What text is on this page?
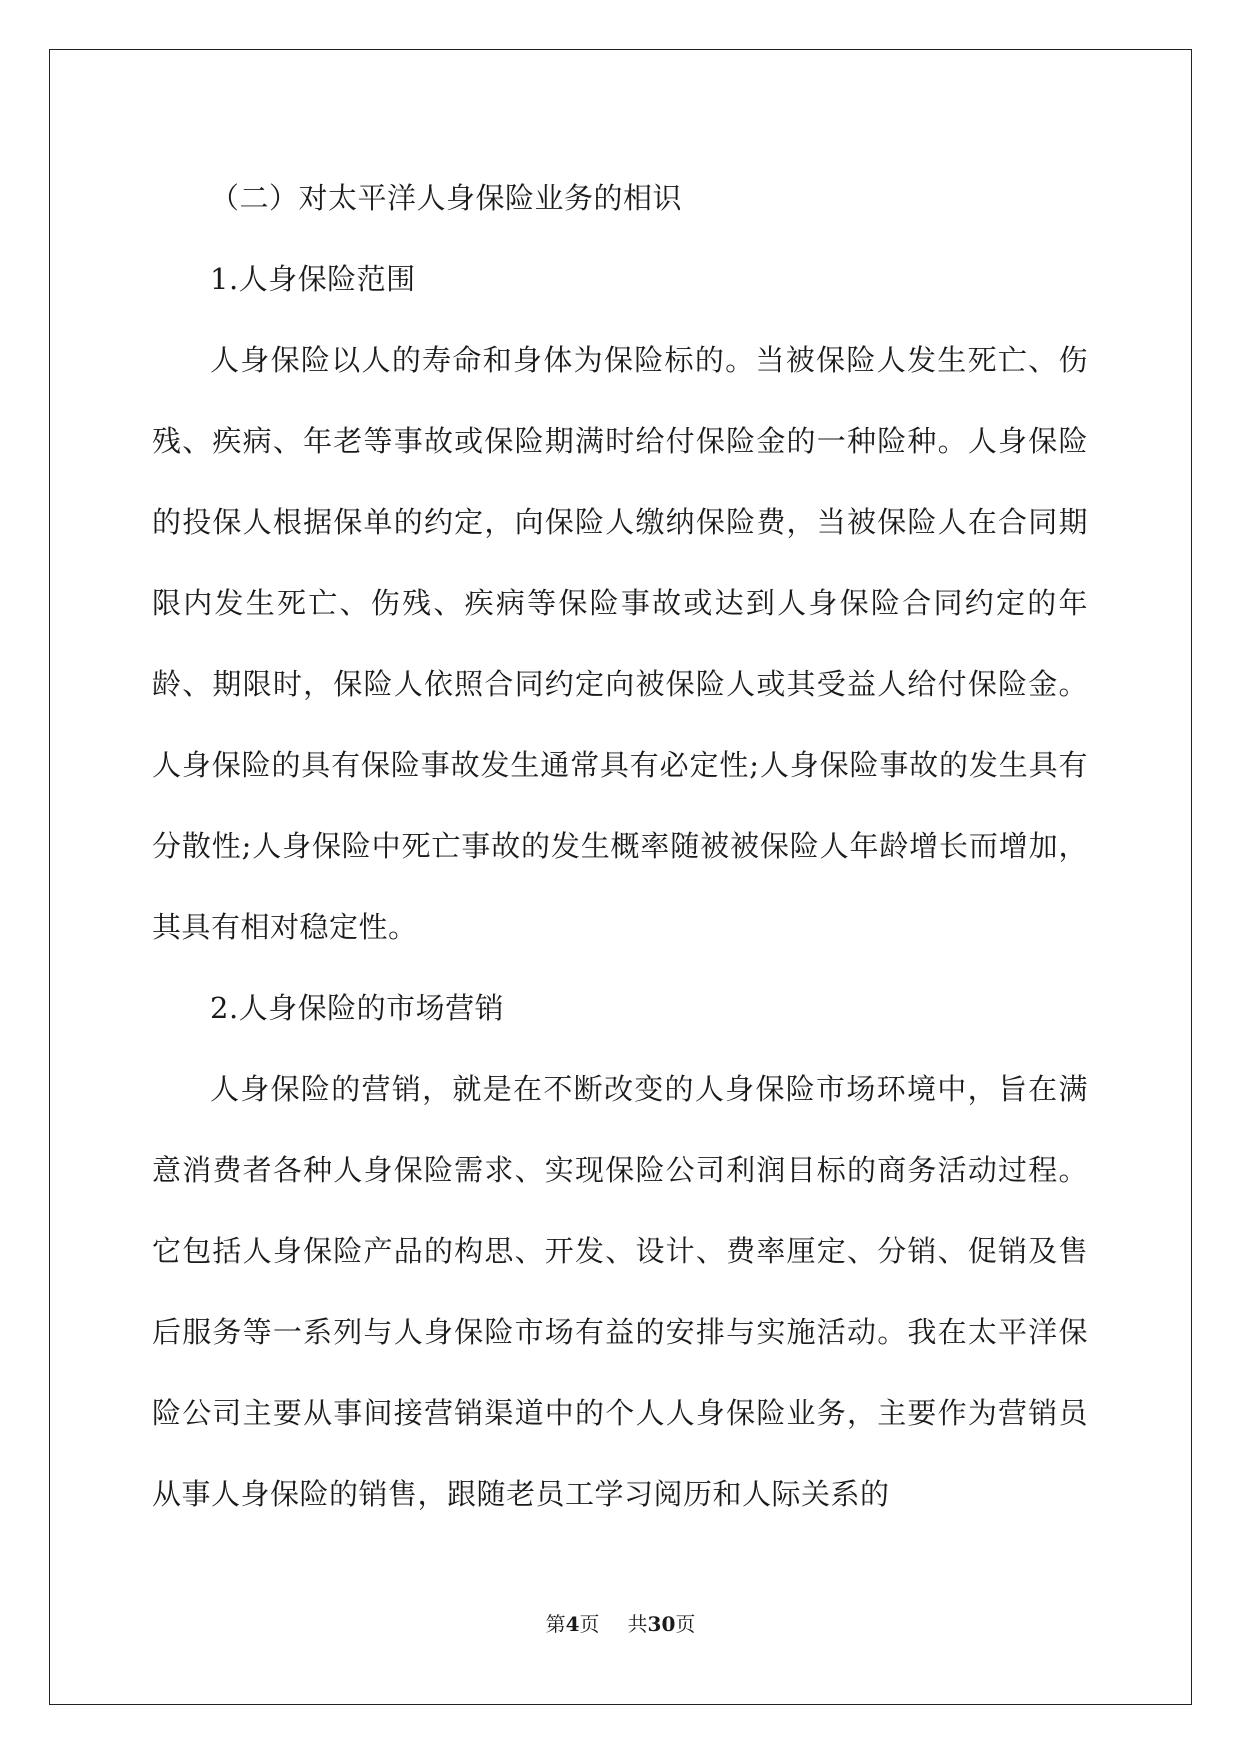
（二）对太平洋人身保险业务的相识

1.人身保险范围

人身保险以人的寿命和身体为保险标的。当被保险人发生死亡、伤残、疾病、年老等事故或保险期满时给付保险金的一种险种。人身保险的投保人根据保单的约定，向保险人缴纳保险费，当被保险人在合同期限内发生死亡、伤残、疾病等保险事故或达到人身保险合同约定的年龄、期限时，保险人依照合同约定向被保险人或其受益人给付保险金。人身保险的具有保险事故发生通常具有必定性;人身保险事故的发生具有分散性;人身保险中死亡事故的发生概率随被被保险人年龄增长而增加，其具有相对稳定性。

2.人身保险的市场营销

人身保险的营销，就是在不断改变的人身保险市场环境中，旨在满意消费者各种人身保险需求、实现保险公司利润目标的商务活动过程。它包括人身保险产品的构思、开发、设计、费率厘定、分销、促销及售后服务等一系列与人身保险市场有益的安排与实施活动。我在太平洋保险公司主要从事间接营销渠道中的个人人身保险业务，主要作为营销员从事人身保险的销售，跟随老员工学习阅历和人际关系的

第4页 共30页
